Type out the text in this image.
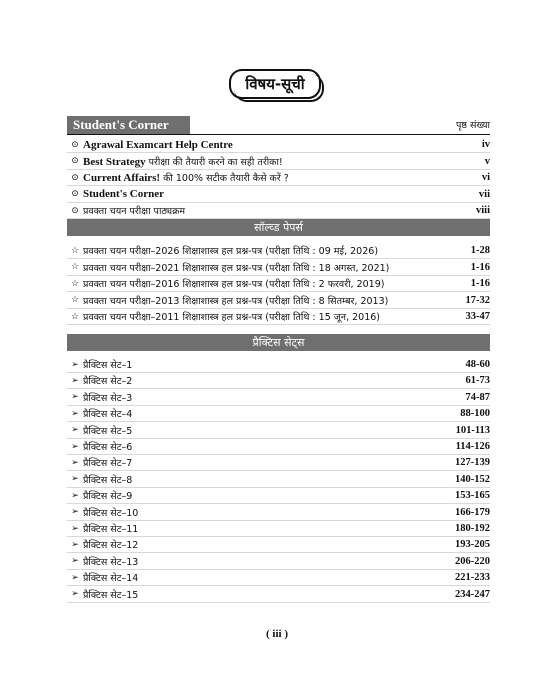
विषय-सूची
Student's Corner	पृष्ठ संख्या
⊙ Agrawal Examcart Help Centre	iv
⊙ Best Strategy परीक्षा की तैयारी करने का सही तरीका!	v
⊙ Current Affairs! की 100% सटीक तैयारी कैसे करें ?	vi
⊙ Student's Corner	vii
⊙ प्रवक्ता चयन परीक्षा पाठ्यक्रम	viii
सॉल्व्ड पेपर्स
☆ प्रवक्ता चयन परीक्षा–2026 शिक्षाशास्त्र हल प्रश्न-पत्र (परीक्षा तिथि : 09 मई, 2026)	1-28
☆ प्रवक्ता चयन परीक्षा–2021 शिक्षाशास्त्र हल प्रश्न-पत्र (परीक्षा तिथि : 18 अगस्त, 2021)	1-16
☆ प्रवक्ता चयन परीक्षा–2016 शिक्षाशास्त्र हल प्रश्न-पत्र (परीक्षा तिथि : 2 फरवरी, 2019)	1-16
☆ प्रवक्ता चयन परीक्षा–2013 शिक्षाशास्त्र हल प्रश्न-पत्र (परीक्षा तिथि : 8 सितम्बर, 2013)	17-32
☆ प्रवक्ता चयन परीक्षा–2011 शिक्षाशास्त्र हल प्रश्न-पत्र (परीक्षा तिथि : 15 जून, 2016)	33-47
प्रैक्टिस सेट्स
➢ प्रैक्टिस सेट–1	48-60
➢ प्रैक्टिस सेट–2	61-73
➢ प्रैक्टिस सेट–3	74-87
➢ प्रैक्टिस सेट–4	88-100
➢ प्रैक्टिस सेट–5	101-113
➢ प्रैक्टिस सेट–6	114-126
➢ प्रैक्टिस सेट–7	127-139
➢ प्रैक्टिस सेट–8	140-152
➢ प्रैक्टिस सेट–9	153-165
➢ प्रैक्टिस सेट–10	166-179
➢ प्रैक्टिस सेट–11	180-192
➢ प्रैक्टिस सेट–12	193-205
➢ प्रैक्टिस सेट–13	206-220
➢ प्रैक्टिस सेट–14	221-233
➢ प्रैक्टिस सेट–15	234-247
( iii )
